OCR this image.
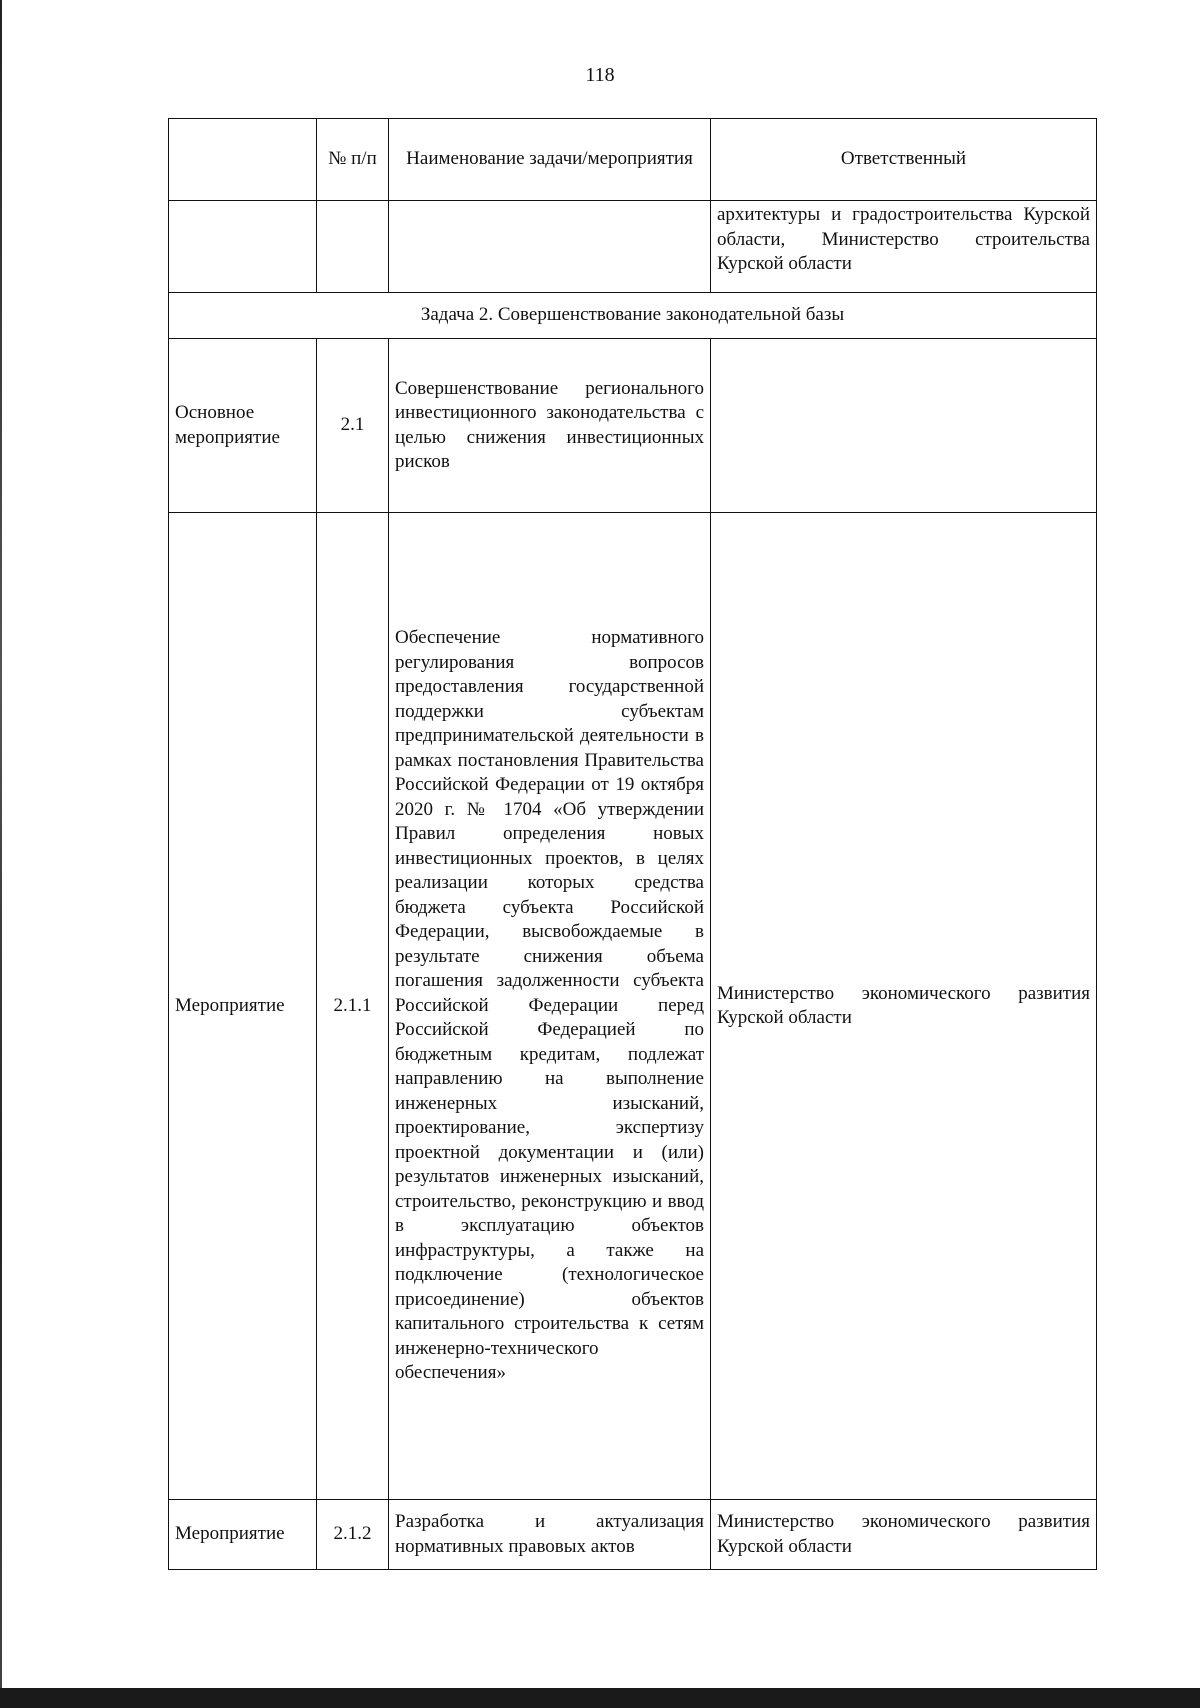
118
	№ п/п	Наименование задачи/мероприятия	Ответственный
			архитектуры и градостроительства Курской области, Министерство строительства Курской области
Задача 2. Совершенствование законодательной базы			
Основное мероприятие	2.1	Совершенствование регионального инвестиционного законодательства с целью снижения инвестиционных рисков	
Мероприятие	2.1.1	Обеспечение нормативного регулирования вопросов предоставления государственной поддержки субъектам предпринимательской деятельности в рамках постановления Правительства Российской Федерации от 19 октября 2020 г. № 1704 «Об утверждении Правил определения новых инвестиционных проектов, в целях реализации которых средства бюджета субъекта Российской Федерации, высвобождаемые в результате снижения объема погашения задолженности субъекта Российской Федерации перед Российской Федерацией по бюджетным кредитам, подлежат направлению на выполнение инженерных изысканий, проектирование, экспертизу проектной документации и (или) результатов инженерных изысканий, строительство, реконструкцию и ввод в эксплуатацию объектов инфраструктуры, а также на подключение (технологическое присоединение) объектов капитального строительства к сетям инженерно-технического обеспечения»	Министерство экономического развития Курской области
Мероприятие	2.1.2	Разработка и актуализация нормативных правовых актов	Министерство экономического развития Курской области
